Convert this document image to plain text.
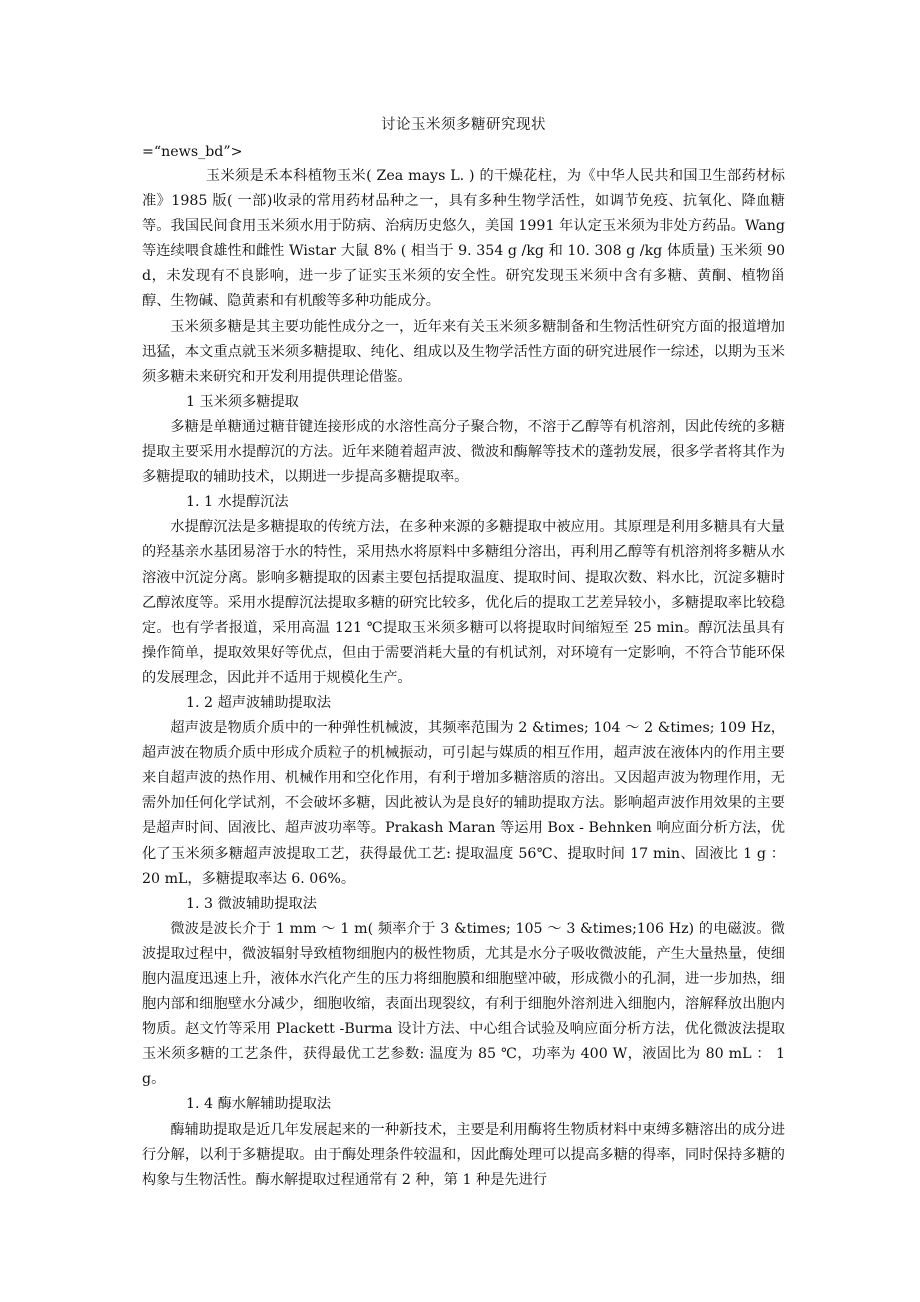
讨论玉米须多糖研究现状

=“news_bd”>

玉米须是禾本科植物玉米( Zea mays L. ) 的干燥花柱，为《中华人民共和国卫生部药材标准》1985 版( 一部)收录的常用药材品种之一，具有多种生物学活性，如调节免疫、抗氧化、降血糖等。我国民间食用玉米须水用于防病、治病历史悠久，美国 1991 年认定玉米须为非处方药品。Wang 等连续喂食雄性和雌性 Wistar 大鼠 8% ( 相当于 9. 354 g /kg 和 10. 308 g /kg 体质量) 玉米须 90 d，未发现有不良影响，进一步了证实玉米须的安全性。研究发现玉米须中含有多糖、黄酮、植物甾醇、生物碱、隐黄素和有机酸等多种功能成分。

玉米须多糖是其主要功能性成分之一，近年来有关玉米须多糖制备和生物活性研究方面的报道增加迅猛，本文重点就玉米须多糖提取、纯化、组成以及生物学活性方面的研究进展作一综述，以期为玉米须多糖未来研究和开发利用提供理论借鉴。

1 玉米须多糖提取

多糖是单糖通过糖苷键连接形成的水溶性高分子聚合物，不溶于乙醇等有机溶剂，因此传统的多糖提取主要采用水提醇沉的方法。近年来随着超声波、微波和酶解等技术的蓬勃发展，很多学者将其作为多糖提取的辅助技术，以期进一步提高多糖提取率。

1. 1 水提醇沉法

水提醇沉法是多糖提取的传统方法，在多种来源的多糖提取中被应用。其原理是利用多糖具有大量的羟基亲水基团易溶于水的特性，采用热水将原料中多糖组分溶出，再利用乙醇等有机溶剂将多糖从水溶液中沉淀分离。影响多糖提取的因素主要包括提取温度、提取时间、提取次数、料水比，沉淀多糖时乙醇浓度等。采用水提醇沉法提取多糖的研究比较多，优化后的提取工艺差异较小，多糖提取率比较稳定。也有学者报道，采用高温 121 ℃提取玉米须多糖可以将提取时间缩短至 25 min。醇沉法虽具有操作简单，提取效果好等优点，但由于需要消耗大量的有机试剂，对环境有一定影响，不符合节能环保的发展理念，因此并不适用于规模化生产。

1. 2 超声波辅助提取法

超声波是物质介质中的一种弹性机械波，其频率范围为 2 &times; 104 ～ 2 &times; 109 Hz，超声波在物质介质中形成介质粒子的机械振动，可引起与媒质的相互作用，超声波在液体内的作用主要来自超声波的热作用、机械作用和空化作用，有利于增加多糖溶质的溶出。又因超声波为物理作用，无需外加任何化学试剂，不会破坏多糖，因此被认为是良好的辅助提取方法。影响超声波作用效果的主要是超声时间、固液比、超声波功率等。Prakash Maran 等运用 Box - Behnken 响应面分析方法，优化了玉米须多糖超声波提取工艺，获得最优工艺: 提取温度 56℃、提取时间 17 min、固液比 1 g ： 20 mL，多糖提取率达 6. 06%。

1. 3 微波辅助提取法

微波是波长介于 1 mm ～ 1 m( 频率介于 3 &times; 105 ～ 3 &times;106 Hz) 的电磁波。微波提取过程中，微波辐射导致植物细胞内的极性物质，尤其是水分子吸收微波能，产生大量热量，使细胞内温度迅速上升，液体水汽化产生的压力将细胞膜和细胞壁冲破，形成微小的孔洞，进一步加热，细胞内部和细胞壁水分减少，细胞收缩，表面出现裂纹，有利于细胞外溶剂进入细胞内，溶解释放出胞内物质。赵文竹等采用 Plackett -Burma 设计方法、中心组合试验及响应面分析方法，优化微波法提取玉米须多糖的工艺条件，获得最优工艺参数: 温度为 85 ℃，功率为 400 W，液固比为 80 mL ： 1 g。

1. 4 酶水解辅助提取法

酶辅助提取是近几年发展起来的一种新技术，主要是利用酶将生物质材料中束缚多糖溶出的成分进行分解，以利于多糖提取。由于酶处理条件较温和，因此酶处理可以提高多糖的得率，同时保持多糖的构象与生物活性。酶水解提取过程通常有 2 种，第 1 种是先进行
